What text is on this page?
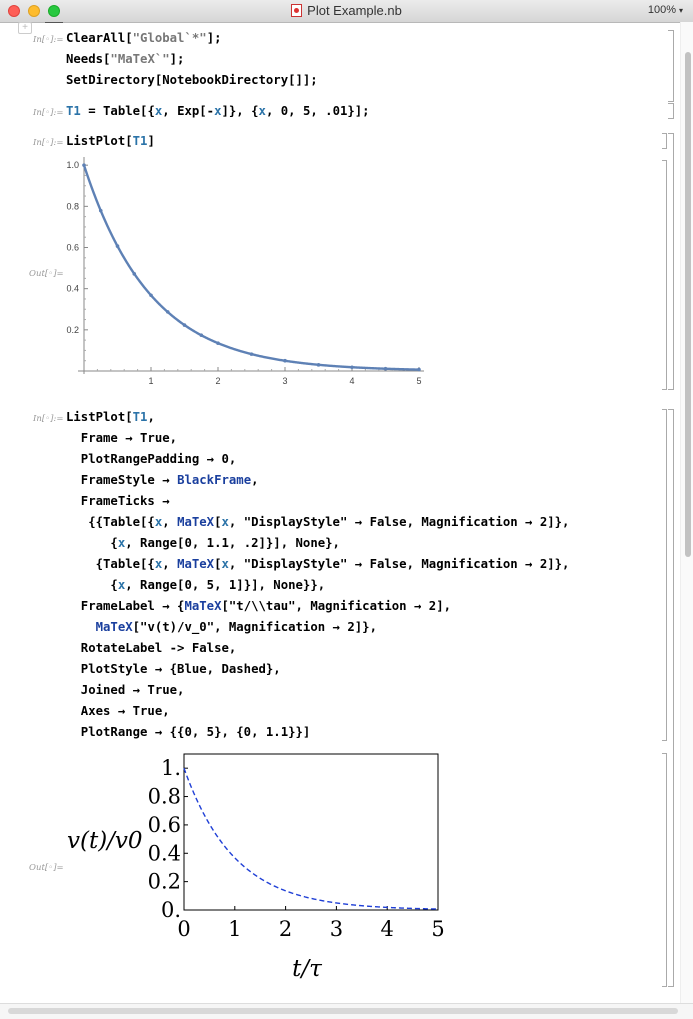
Plot Example.nb	100% ▾
+
In[◦]:= ClearAll["Global`*"];
Needs["MaTeX`"];
SetDirectory[NotebookDirectory[]];
In[◦]:= T1 = Table[{x, Exp[-x]}, {x, 0, 5, .01}];
In[◦]:= ListPlot[T1]
Out[◦]=
1	2	3	4	5
0.2
0.4
0.6
0.8
1.0
In[◦]:= ListPlot[T1,
Frame → True,
PlotRangePadding → 0,
FrameStyle → BlackFrame,
FrameTicks →
{{Table[{x, MaTeX[x, "DisplayStyle" → False, Magnification → 2]},
{x, Range[0, 1.1, .2]}], None},
{Table[{x, MaTeX[x, "DisplayStyle" → False, Magnification → 2]},
{x, Range[0, 5, 1]}], None}},
FrameLabel → {MaTeX["t/\\tau", Magnification → 2],
MaTeX["v(t)/v_0", Magnification → 2]},
RotateLabel -> False,
PlotStyle → {Blue, Dashed},
Joined → True,
Axes → True,
PlotRange → {{0, 5}, {0, 1.1}}]
Out[◦]=
0 1 2 3 4 5
0.
0.2
0.4
0.6
0.8
1.
t/τ
v(t)/v0
